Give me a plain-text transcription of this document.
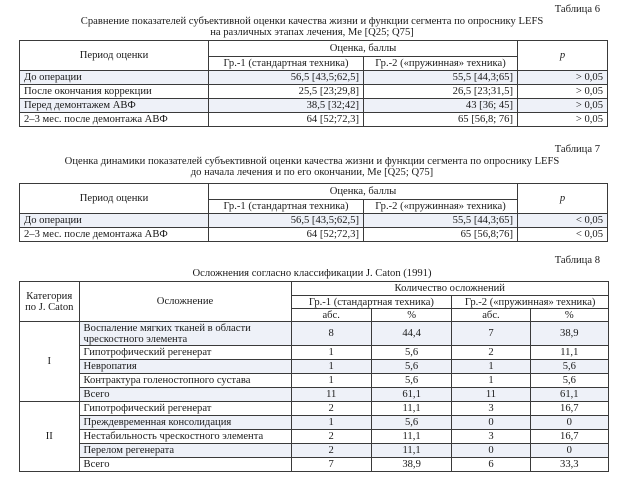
Таблица 6
Сравнение показателей субъективной оценки качества жизни и функции сегмента по опроснику LEFS
на различных этапах лечения, Me [Q25; Q75]
Период оценки	Оценка, баллы		p
	Гр.-1 (стандартная техника)	Гр.-2 («пружинная» техника)	
До операции	56,5 [43,5;62,5]	55,5 [44,3;65]	> 0,05
После окончания коррекции	25,5 [23;29,8]	26,5 [23;31,5]	> 0,05
Перед демонтажем АВФ	38,5 [32;42]	43 [36; 45]	> 0,05
2–3 мес. после демонтажа АВФ	64 [52;72,3]	65 [56,8; 76]	> 0,05
Таблица 7
Оценка динамики показателей субъективной оценки качества жизни и функции сегмента по опроснику LEFS
до начала лечения и по его окончании, Me [Q25; Q75]
Период оценки	Оценка, баллы		p
	Гр.-1 (стандартная техника)	Гр.-2 («пружинная» техника)	
До операции	56,5 [43,5;62,5]	55,5 [44,3;65]	< 0,05
2–3 мес. после демонтажа АВФ	64 [52;72,3]	65 [56,8;76]	< 0,05
Таблица 8
Осложнения согласно классификации J. Caton (1991)
Категория
по J. Caton	Осложнение	Количество осложнений			
		Гр.-1 (стандартная техника)		Гр.-2 («пружинная» техника)	
		абс.	%	абс.	%
I	Воспаление мягких тканей в области чрескостного элемента	8	44,4	7	38,9
	Гипотрофический регенерат	1	5,6	2	11,1
	Невропатия	1	5,6	1	5,6
	Контрактура голеностопного сустава	1	5,6	1	5,6
	Всего	11	61,1	11	61,1
II	Гипотрофический регенерат	2	11,1	3	16,7
	Преждевременная консолидация	1	5,6	0	0
	Нестабильность чрескостного элемента	2	11,1	3	16,7
	Перелом регенерата	2	11,1	0	0
	Всего	7	38,9	6	33,3
